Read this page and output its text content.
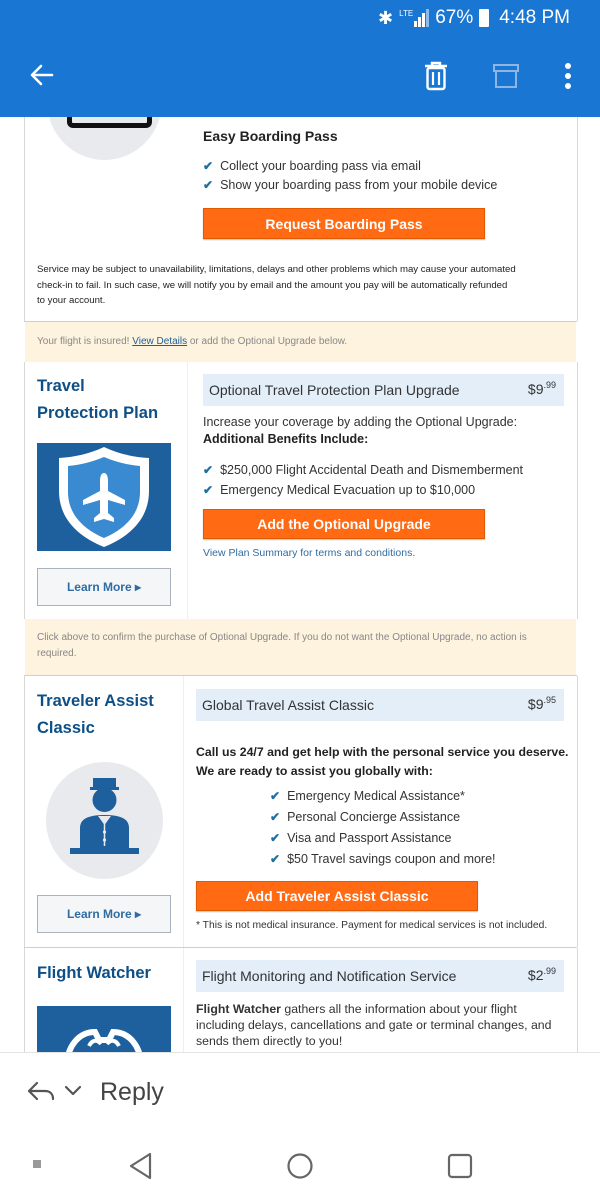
✱ LTE 67% 4:48 PM
Easy Boarding Pass
✔ Collect your boarding pass via email
✔ Show your boarding pass from your mobile device
Request Boarding Pass
Service may be subject to unavailability, limitations, delays and other problems which may cause your automated check-in to fail. In such case, we will notify you by email and the amount you pay will be automatically refunded to your account.
Your flight is insured! View Details or add the Optional Upgrade below.
Travel
Protection Plan
Learn More ▸
Optional Travel Protection Plan Upgrade	$\$9^{.99}$
Increase your coverage by adding the Optional Upgrade:
Additional Benefits Include:
✔ $250,000 Flight Accidental Death and Dismemberment
✔ Emergency Medical Evacuation up to $10,000
Add the Optional Upgrade
View Plan Summary for terms and conditions.
Click above to confirm the purchase of Optional Upgrade. If you do not want the Optional Upgrade, no action is required.
Traveler Assist
Classic
Learn More ▸
Global Travel Assist Classic	$\$9^{.95}$
Call us 24/7 and get help with the personal service you deserve.
We are ready to assist you globally with:
✔ Emergency Medical Assistance*
✔ Personal Concierge Assistance
✔ Visa and Passport Assistance
✔ $50 Travel savings coupon and more!
Add Traveler Assist Classic
* This is not medical insurance. Payment for medical services is not included.
Flight Watcher	Flight Monitoring and Notification Service	$\$2^{.99}$
Flight Watcher gathers all the information about your flight
including delays, cancellations and gate or terminal changes, and
sends them directly to you!
Reply
